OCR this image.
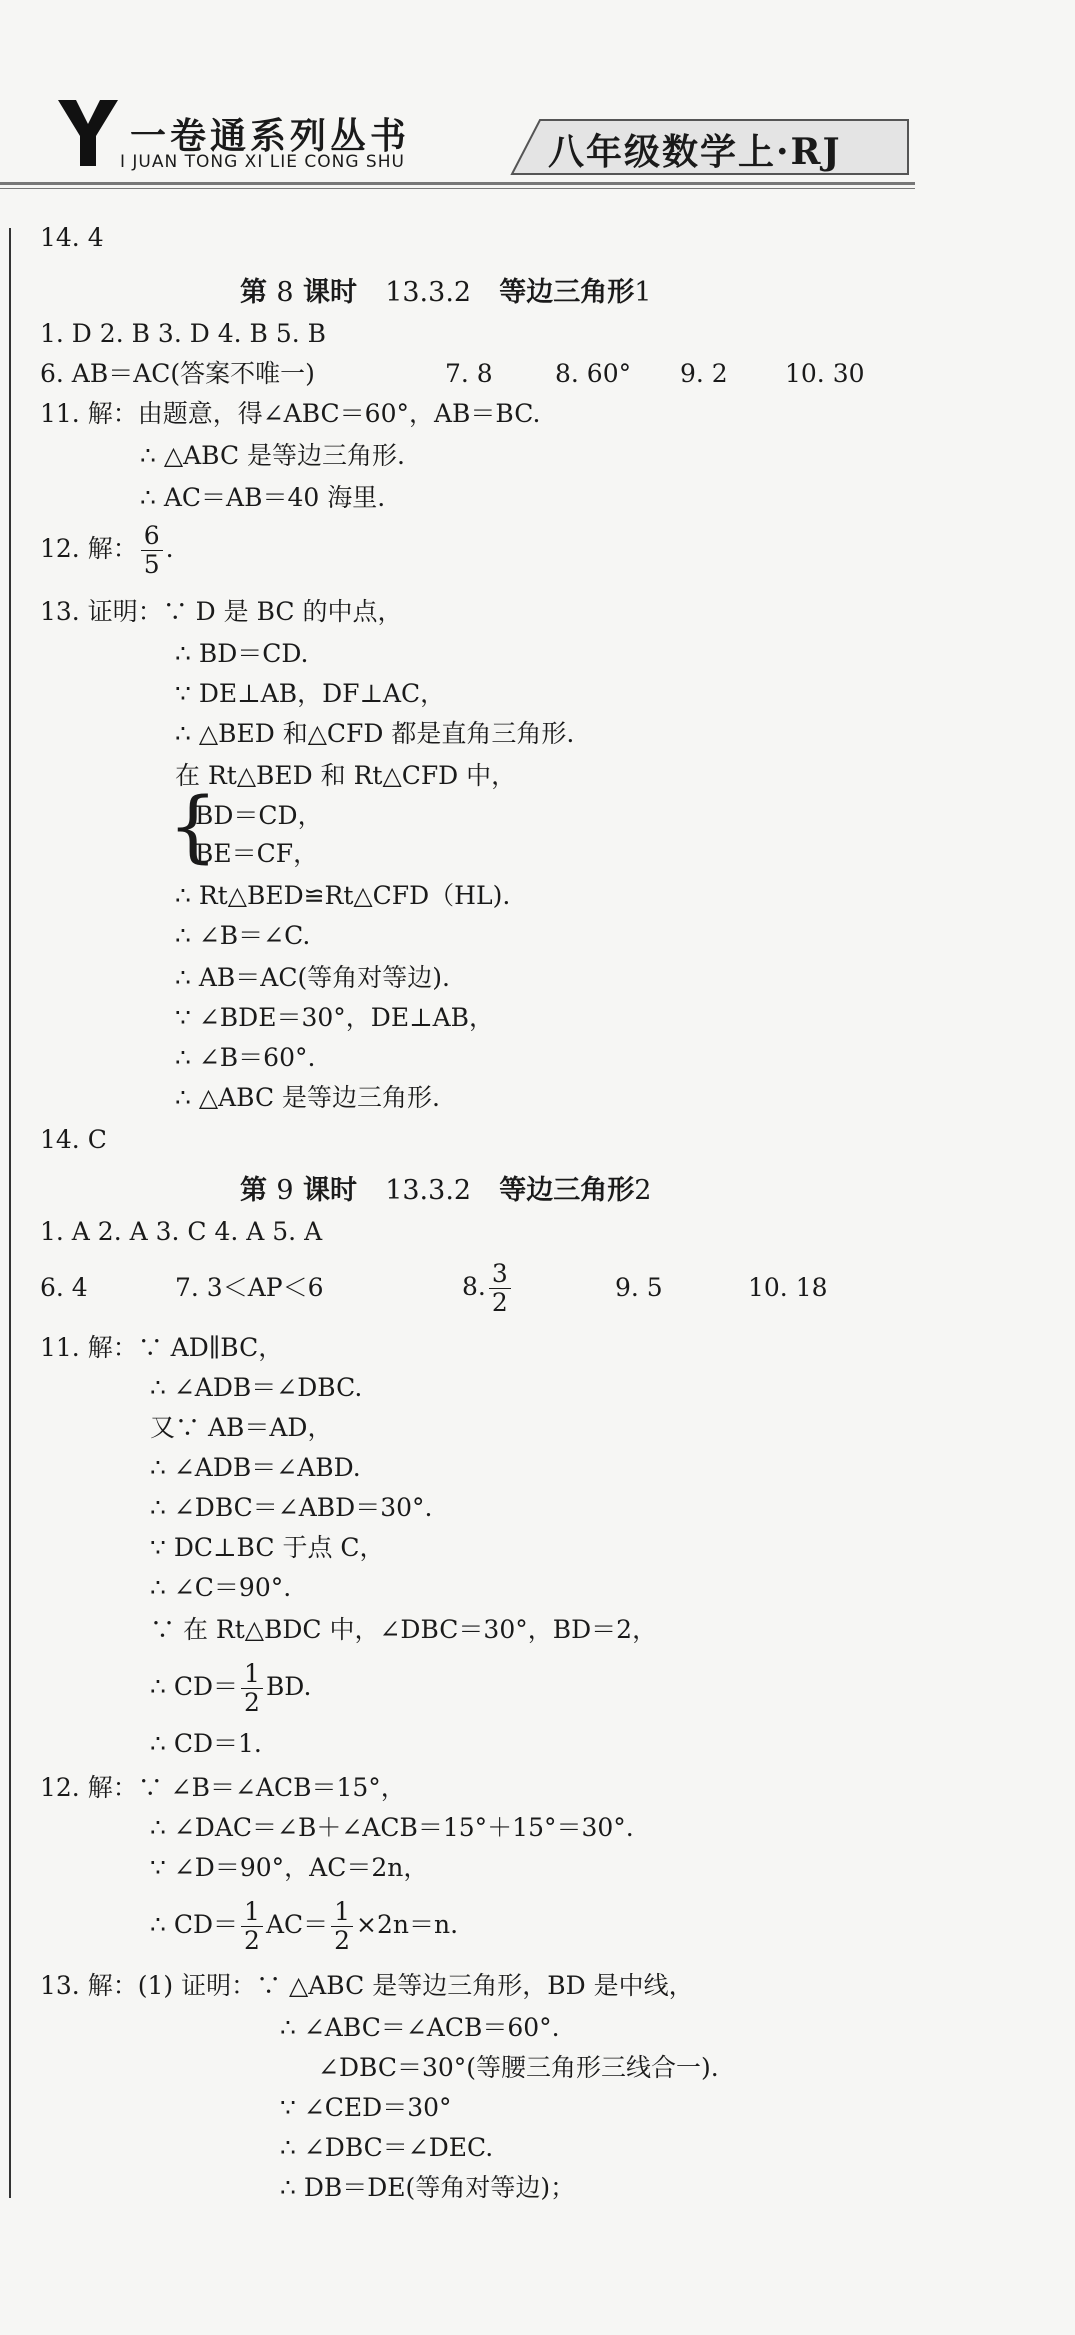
一卷通系列丛书
I JUAN TONG XI LIE CONG SHU	八年级数学上·RJ
14. 4
第 8 课时 13.3.2 等边三角形1
1. D 2. B 3. D 4. B 5. B
6. AB＝AC(答案不唯一)	7. 8 8. 60° 9. 2 10. 30
11. 解：由题意，得∠ABC＝60°，AB＝BC.
∴ △ABC 是等边三角形.
∴ AC＝AB＝40 海里.
12. 解： $\frac{6}{5}$ .
13. 证明：∵ D 是 BC 的中点，
∴ BD＝CD.
∵ DE⊥AB，DF⊥AC，
∴ △BED 和△CFD 都是直角三角形.
在 Rt△BED 和 Rt△CFD 中，
{
BD＝CD，
BE＝CF，
∴ Rt△BED≌Rt△CFD（HL).
∴ ∠B＝∠C.
∴ AB＝AC(等角对等边).
∵ ∠BDE＝30°，DE⊥AB，
∴ ∠B＝60°.
∴ △ABC 是等边三角形.
14. C
第 9 课时 13.3.2 等边三角形2
1. A 2. A 3. C 4. A 5. A
6. 4	7. 3＜AP＜6	8. $\frac{3}{2}$	9. 5	10. 18
11. 解：∵ AD∥BC，
∴ ∠ADB＝∠DBC.
又∵ AB＝AD，
∴ ∠ADB＝∠ABD.
∴ ∠DBC＝∠ABD＝30°.
∵ DC⊥BC 于点 C，
∴ ∠C＝90°.
∵ 在 Rt△BDC 中，∠DBC＝30°，BD＝2，
∴ $CD= \frac{1}{2}$ BD.
∴ CD＝1.
12. 解：∵ ∠B＝∠ACB＝15°，
∴ ∠DAC＝∠B＋∠ACB＝15°＋15°＝30°.
∵ ∠D＝90°，AC＝2n，
∴ $CD= \frac{1}{2} AC= \frac{1}{2} \times 2n=n$.
13. 解：(1) 证明：∵ △ABC 是等边三角形，BD 是中线，
∴ ∠ABC＝∠ACB＝60°.
∠DBC＝30°(等腰三角形三线合一).
∵ ∠CED＝30°
∴ ∠DBC＝∠DEC.
∴ DB＝DE(等角对等边)；
